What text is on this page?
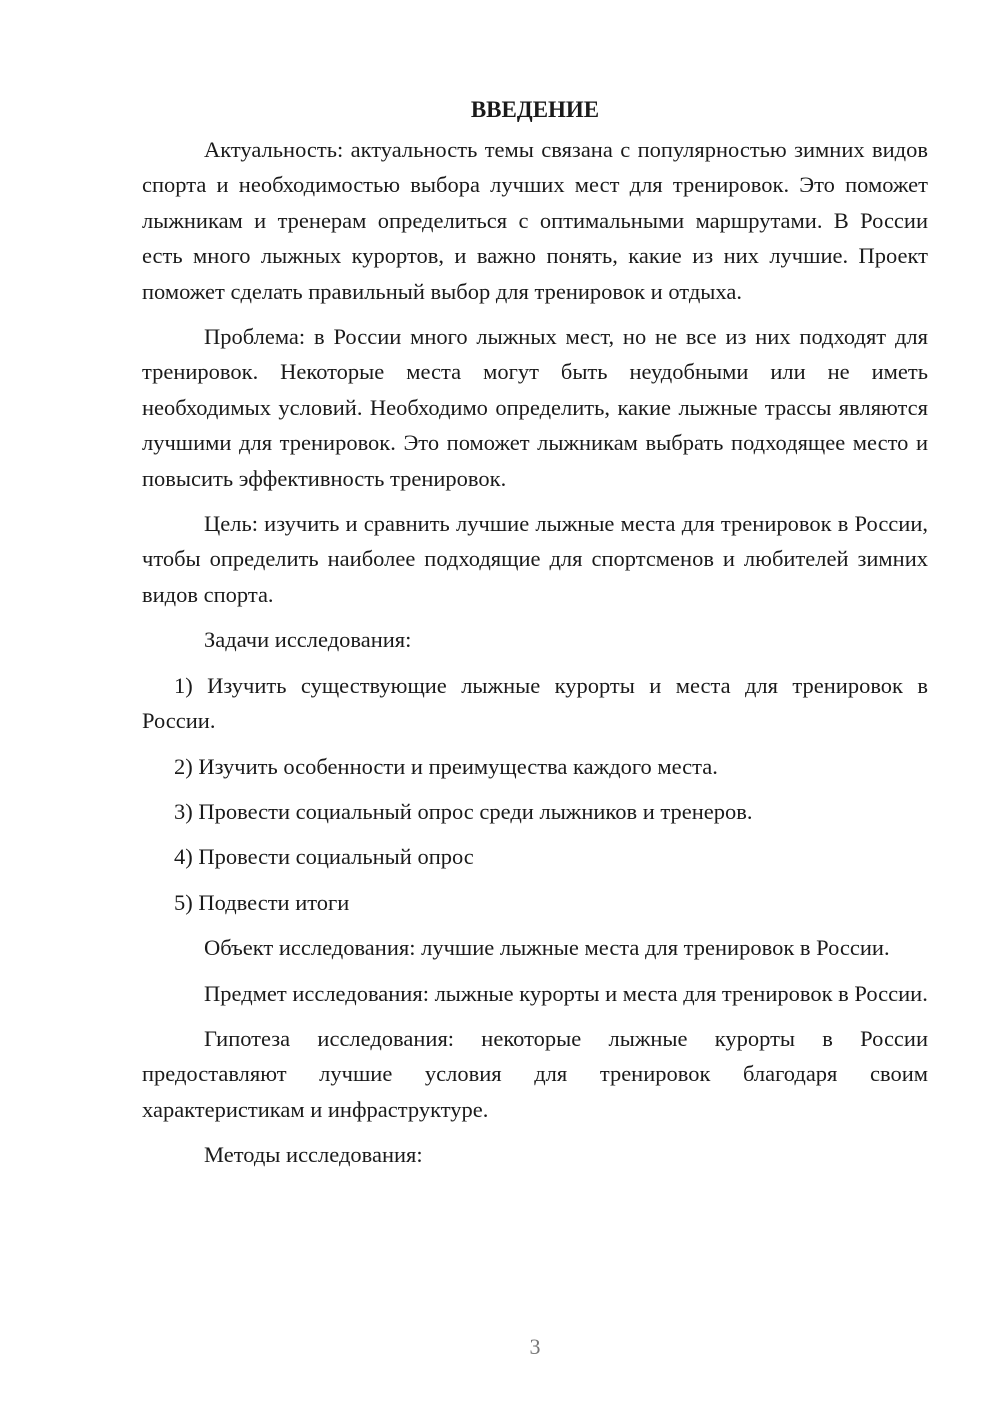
ВВЕДЕНИЕ

Актуальность: актуальность темы связана с популярностью зимних видов спорта и необходимостью выбора лучших мест для тренировок. Это поможет лыжникам и тренерам определиться с оптимальными маршрутами. В России есть много лыжных курортов, и важно понять, какие из них лучшие. Проект поможет сделать правильный выбор для тренировок и отдыха.

Проблема: в России много лыжных мест, но не все из них подходят для тренировок. Некоторые места могут быть неудобными или не иметь необходимых условий. Необходимо определить, какие лыжные трассы являются лучшими для тренировок. Это поможет лыжникам выбрать подходящее место и повысить эффективность тренировок.

Цель: изучить и сравнить лучшие лыжные места для тренировок в России, чтобы определить наиболее подходящие для спортсменов и любителей зимних видов спорта.

Задачи исследования:

1) Изучить существующие лыжные курорты и места для тренировок в России.
2) Изучить особенности и преимущества каждого места.
3) Провести социальный опрос среди лыжников и тренеров.
4) Провести социальный опрос
5) Подвести итоги

Объект исследования: лучшие лыжные места для тренировок в России.

Предмет исследования: лыжные курорты и места для тренировок в России.

Гипотеза исследования: некоторые лыжные курорты в России предоставляют лучшие условия для тренировок благодаря своим характеристикам и инфраструктуре.

Методы исследования:

3
